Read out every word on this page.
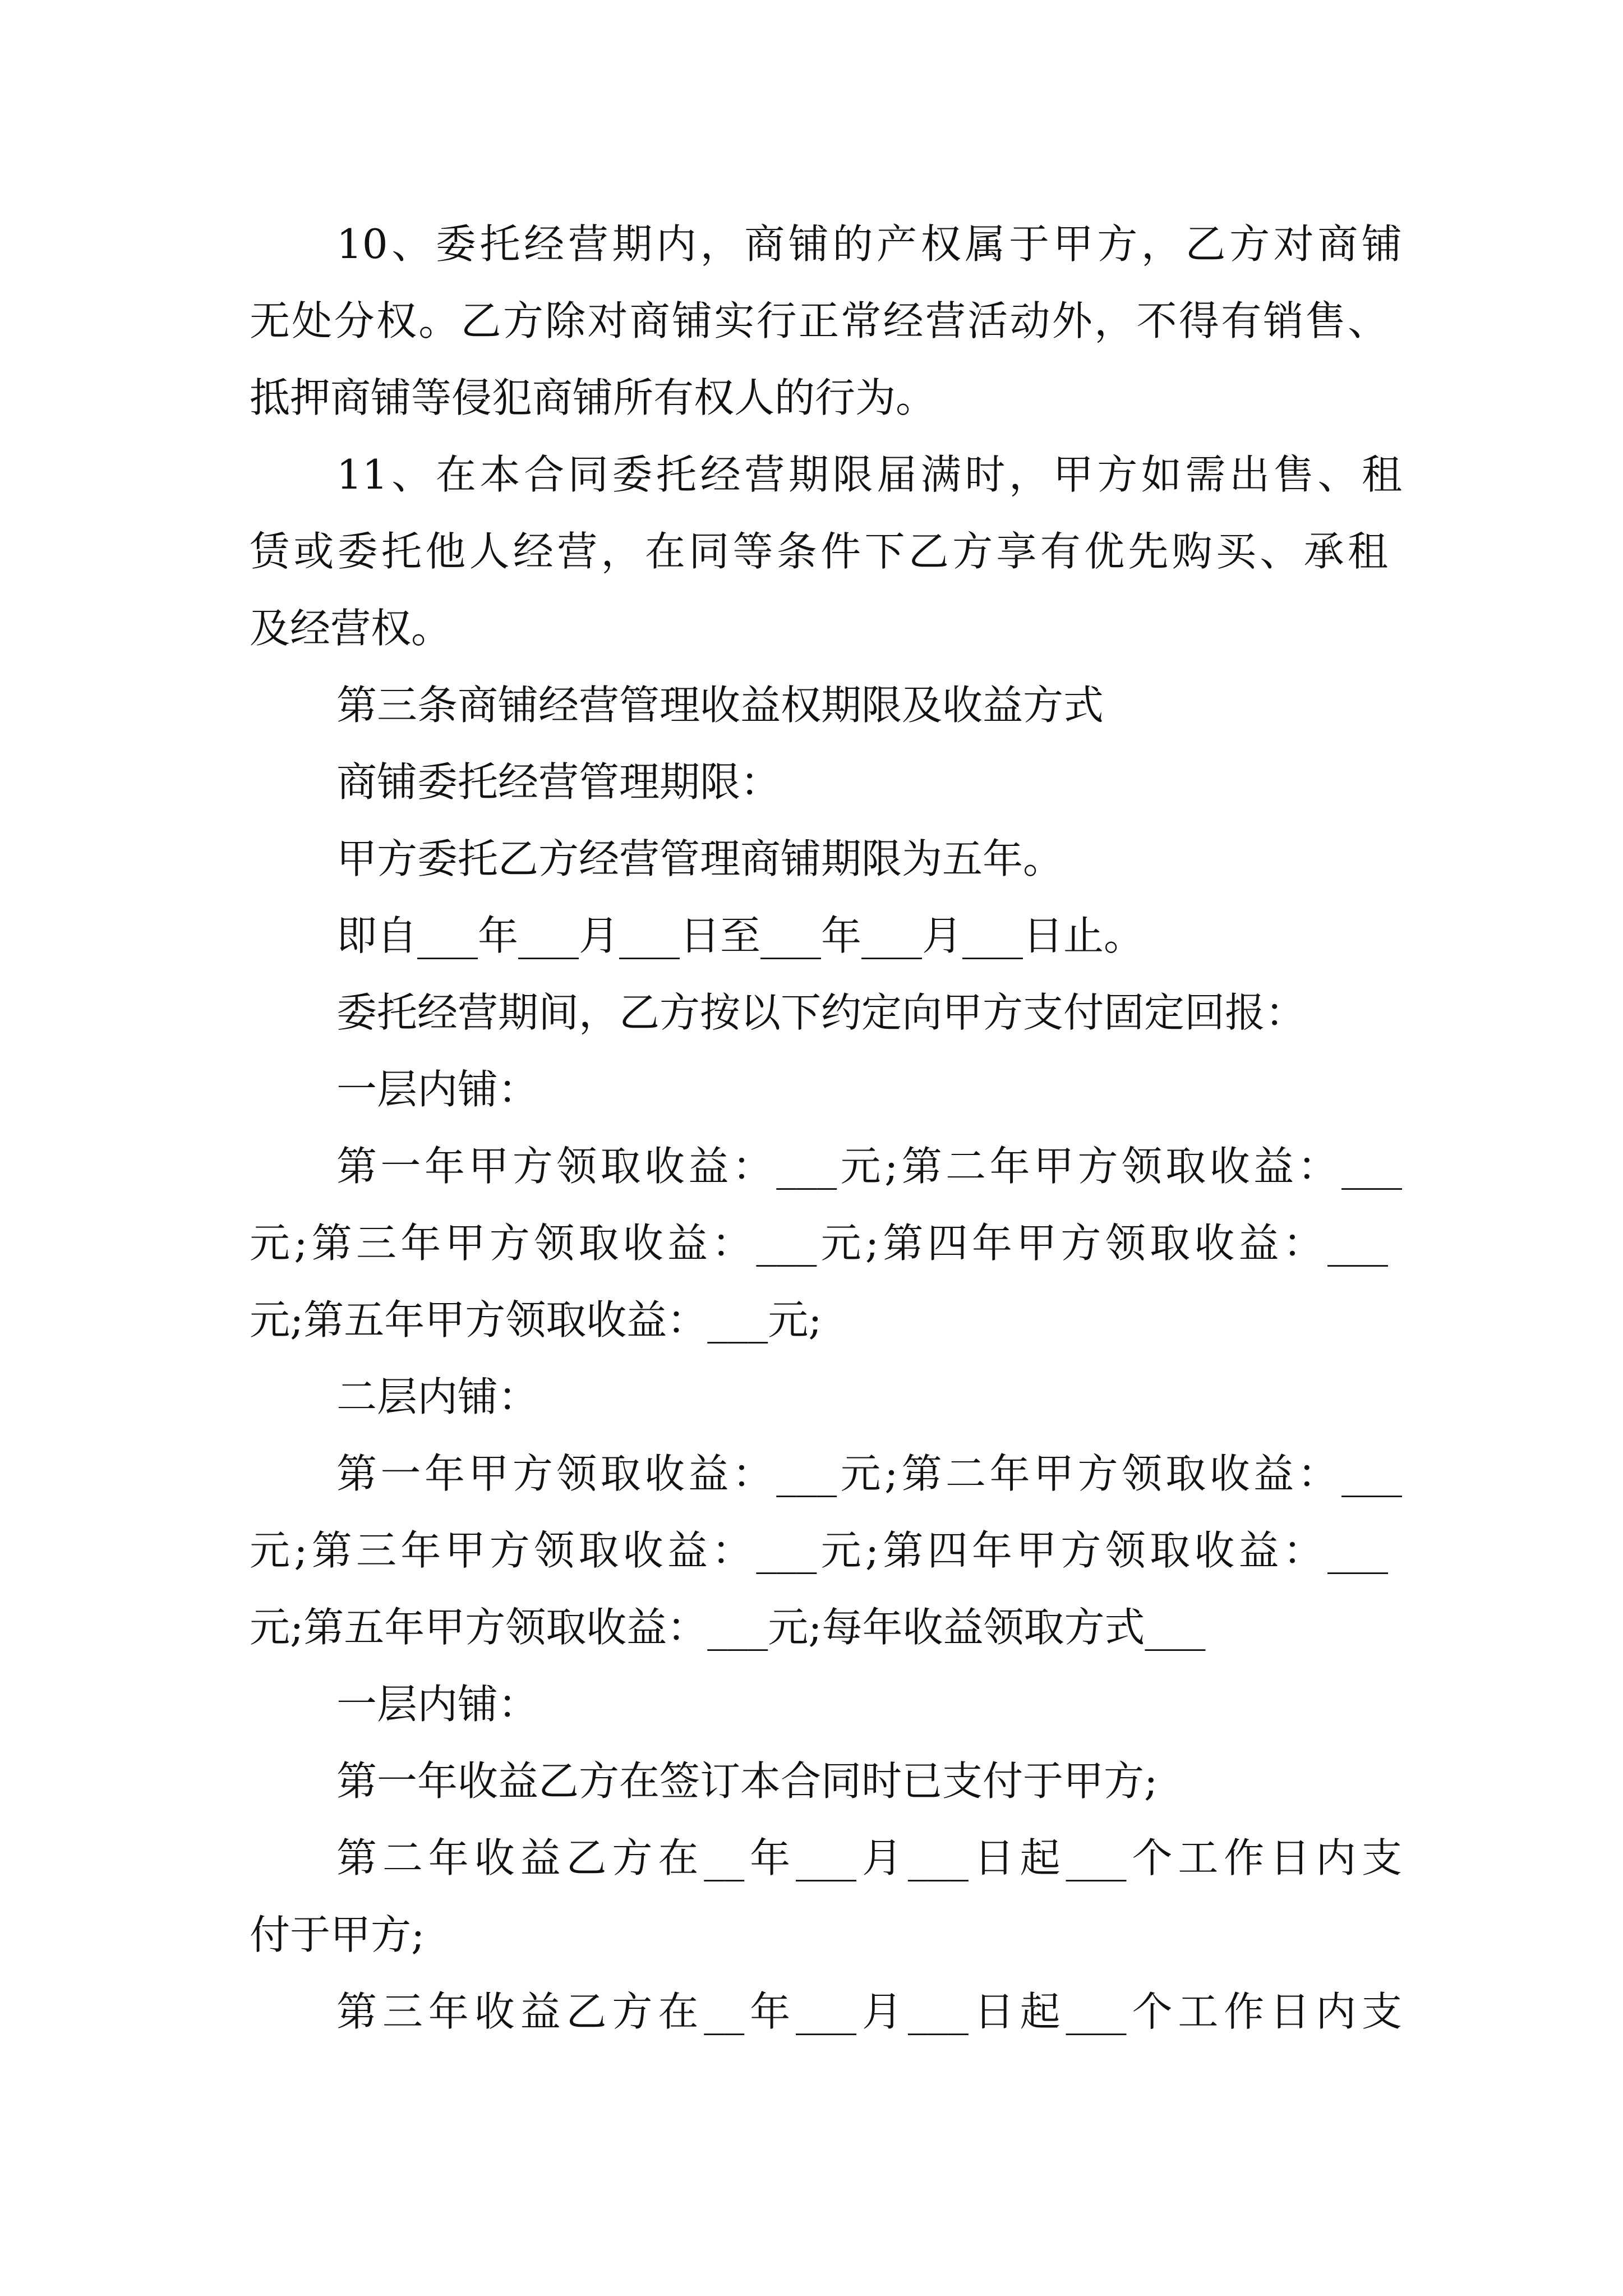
10、委托经营期内，商铺的产权属于甲方，乙方对商铺
无处分权。乙方除对商铺实行正常经营活动外，不得有销售、
抵押商铺等侵犯商铺所有权人的行为。
11、在本合同委托经营期限届满时，甲方如需出售、租
赁或委托他人经营，在同等条件下乙方享有优先购买、承租
及经营权。
第三条商铺经营管理收益权期限及收益方式
商铺委托经营管理期限：
甲方委托乙方经营管理商铺期限为五年。
即自___年___月___日至___年___月___日止。
委托经营期间，乙方按以下约定向甲方支付固定回报：
一层内铺：
第一年甲方领取收益：___元;第二年甲方领取收益：___
元;第三年甲方领取收益：___元;第四年甲方领取收益：___
元;第五年甲方领取收益：___元;
二层内铺：
第一年甲方领取收益：___元;第二年甲方领取收益：___
元;第三年甲方领取收益：___元;第四年甲方领取收益：___
元;第五年甲方领取收益：___元;每年收益领取方式___
一层内铺：
第一年收益乙方在签订本合同时已支付于甲方;
第二年收益乙方在__年___月___日起___个工作日内支
付于甲方;
第三年收益乙方在__年___月___日起___个工作日内支
